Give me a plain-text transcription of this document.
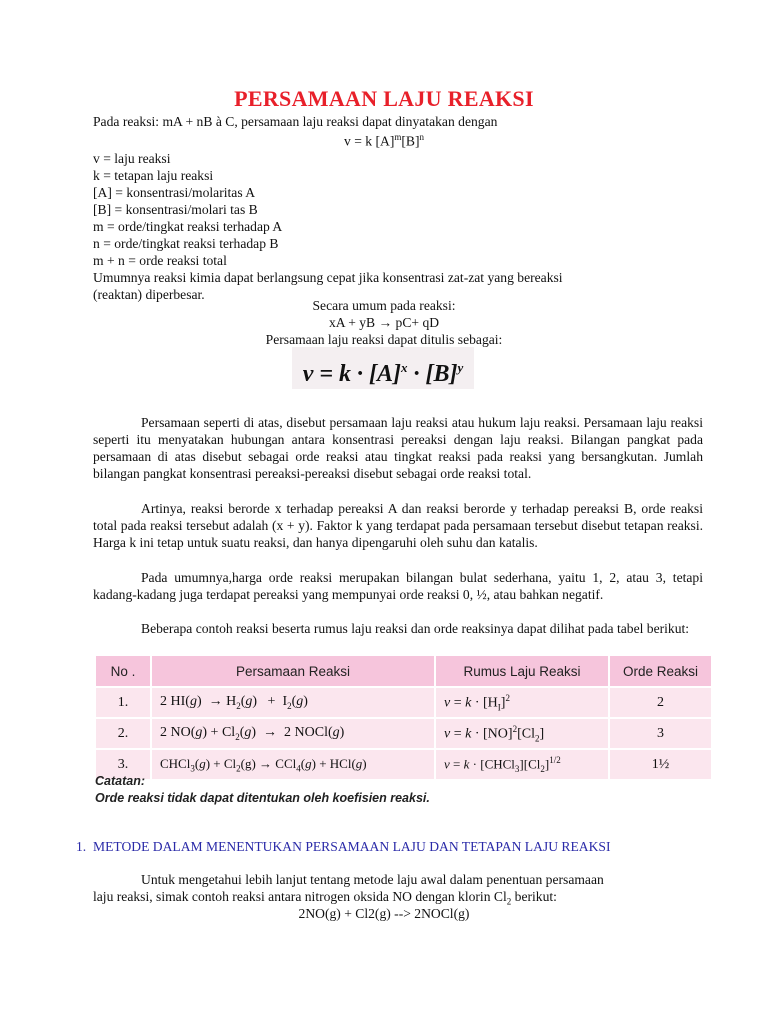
PERSAMAAN LAJU REAKSI
Pada reaksi: mA + nB à C, persamaan laju reaksi dapat dinyatakan dengan
v = k $[A]^m[B]^n$
v = laju reaksi
k = tetapan laju reaksi
[A] = konsentrasi/molaritas A
[B] = konsentrasi/molari tas B
m = orde/tingkat reaksi terhadap A
n = orde/tingkat reaksi terhadap B
m + n = orde reaksi total
Umumnya reaksi kimia dapat berlangsung cepat jika konsentrasi zat-zat yang bereaksi
(reaktan) diperbesar.
Secara umum pada reaksi:
xA + yB → pC+ qD
Persamaan laju reaksi dapat ditulis sebagai:
$v = k \cdot [A]^x \cdot [B]^y$
Persamaan seperti di atas, disebut persamaan laju reaksi atau hukum laju reaksi. Persamaan laju reaksi seperti itu menyatakan hubungan antara konsentrasi pereaksi dengan laju reaksi. Bilangan pangkat pada persamaan di atas disebut sebagai orde reaksi atau tingkat reaksi pada reaksi yang bersangkutan. Jumlah bilangan pangkat konsentrasi pereaksi-pereaksi disebut sebagai orde reaksi total.
Artinya, reaksi berorde x terhadap pereaksi A dan reaksi berorde y terhadap pereaksi B, orde reaksi total pada reaksi tersebut adalah (x + y). Faktor k yang terdapat pada persamaan tersebut disebut tetapan reaksi. Harga k ini tetap untuk suatu reaksi, dan hanya dipengaruhi oleh suhu dan katalis.
Pada umumnya,harga orde reaksi merupakan bilangan bulat sederhana, yaitu 1, 2, atau 3, tetapi kadang-kadang juga terdapat pereaksi yang mempunyai orde reaksi 0, ½, atau bahkan negatif.
Beberapa contoh reaksi beserta rumus laju reaksi dan orde reaksinya dapat dilihat pada tabel berikut:
No .	Persamaan Reaksi	Rumus Laju Reaksi	Orde Reaksi
1.	2 $HI(g) \to H_2(g) + I_2(g)$	$v = k \cdot [H_I]^2$	2
2.	2 $NO(g) + Cl_2(g) \to 2$ NOCl(g)	$v = k \cdot [NO]^2[Cl_2]$	3
3.	CHCl$_3$(g) + $Cl_2(g) \to CCl_4(g) + HCl(g)$	$v = k \cdot [CHCl_3][Cl_2]^{1/2}$	1½
Catatan:
Orde reaksi tidak dapat ditentukan oleh koefisien reaksi.
1. METODE DALAM MENENTUKAN PERSAMAAN LAJU DAN TETAPAN LAJU REAKSI
Untuk mengetahui lebih lanjut tentang metode laju awal dalam penentuan persamaan
laju reaksi, simak contoh reaksi antara nitrogen oksida NO dengan klorin $Cl_2$ berikut:
2NO(g) + Cl2(g) --> 2NOCl(g)
